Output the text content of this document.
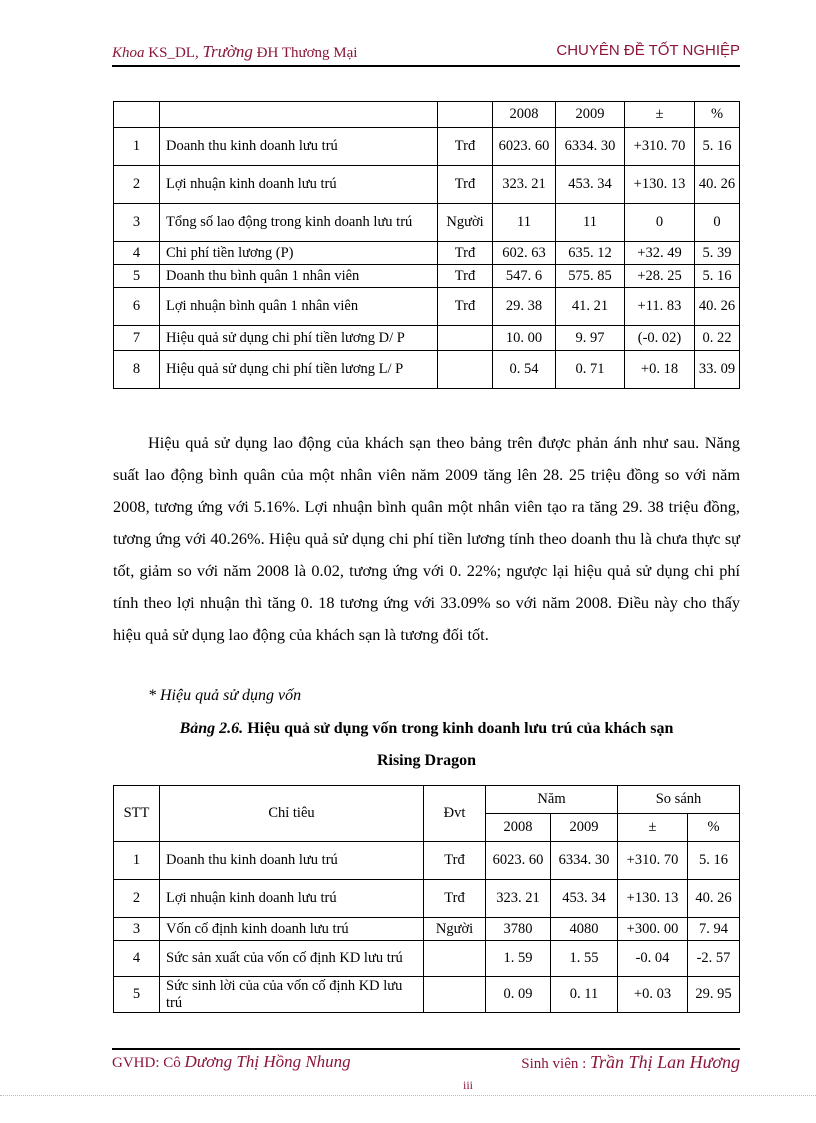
Khoa KS_DL, Trường ĐH Thương Mại	CHUYÊN ĐỀ TỐT NGHIỆP
			2008	2009	±	%
1	Doanh thu kinh doanh lưu trú	Trđ	6023. 60	6334. 30	+310. 70	5. 16
2	Lợi nhuận kinh doanh lưu trú	Trđ	323. 21	453. 34	+130. 13	40. 26
3	Tổng số lao động trong kinh doanh lưu trú	Người	11	11	0	0
4	Chi phí tiền lương (P)	Trđ	602. 63	635. 12	+32. 49	5. 39
5	Doanh thu bình quân 1 nhân viên	Trđ	547. 6	575. 85	+28. 25	5. 16
6	Lợi nhuận bình quân 1 nhân viên	Trđ	29. 38	41. 21	+11. 83	40. 26
7	Hiệu quả sử dụng chi phí tiền lương D/ P		10. 00	9. 97	(-0. 02)	0. 22
8	Hiệu quả sử dụng chi phí tiền lương L/ P		0. 54	0. 71	+0. 18	33. 09

Hiệu quả sử dụng lao động của khách sạn theo bảng trên được phản ánh như sau. Năng suất lao động bình quân của một nhân viên năm 2009 tăng lên 28. 25 triệu đồng so với năm 2008, tương ứng với 5.16%. Lợi nhuận bình quân một nhân viên tạo ra tăng 29. 38 triệu đồng, tương ứng với 40.26%. Hiệu quả sử dụng chi phí tiền lương tính theo doanh thu là chưa thực sự tốt, giảm so với năm 2008 là 0.02, tương ứng với 0. 22%; ngược lại hiệu quả sử dụng chi phí tính theo lợi nhuận thì tăng 0. 18 tương ứng với 33.09% so với năm 2008. Điều này cho thấy hiệu quả sử dụng lao động của khách sạn là tương đối tốt.

* Hiệu quả sử dụng vốn
Bảng 2.6. Hiệu quả sử dụng vốn trong kinh doanh lưu trú của khách sạn
Rising Dragon
STT	Chỉ tiêu	Đvt	Năm		So sánh	
			2008	2009	±	%
1	Doanh thu kinh doanh lưu trú	Trđ	6023. 60	6334. 30	+310. 70	5. 16
2	Lợi nhuận kinh doanh lưu trú	Trđ	323. 21	453. 34	+130. 13	40. 26
3	Vốn cố định kinh doanh lưu trú	Người	3780	4080	+300. 00	7. 94
4	Sức sản xuất của vốn cố định KD lưu trú		1. 59	1. 55	-0. 04	-2. 57
5	Sức sinh lời của của vốn cố định KD lưu trú		0. 09	0. 11	+0. 03	29. 95
GVHD: Cô Dương Thị Hồng Nhung	Sinh viên : Trần Thị Lan Hương
iii
